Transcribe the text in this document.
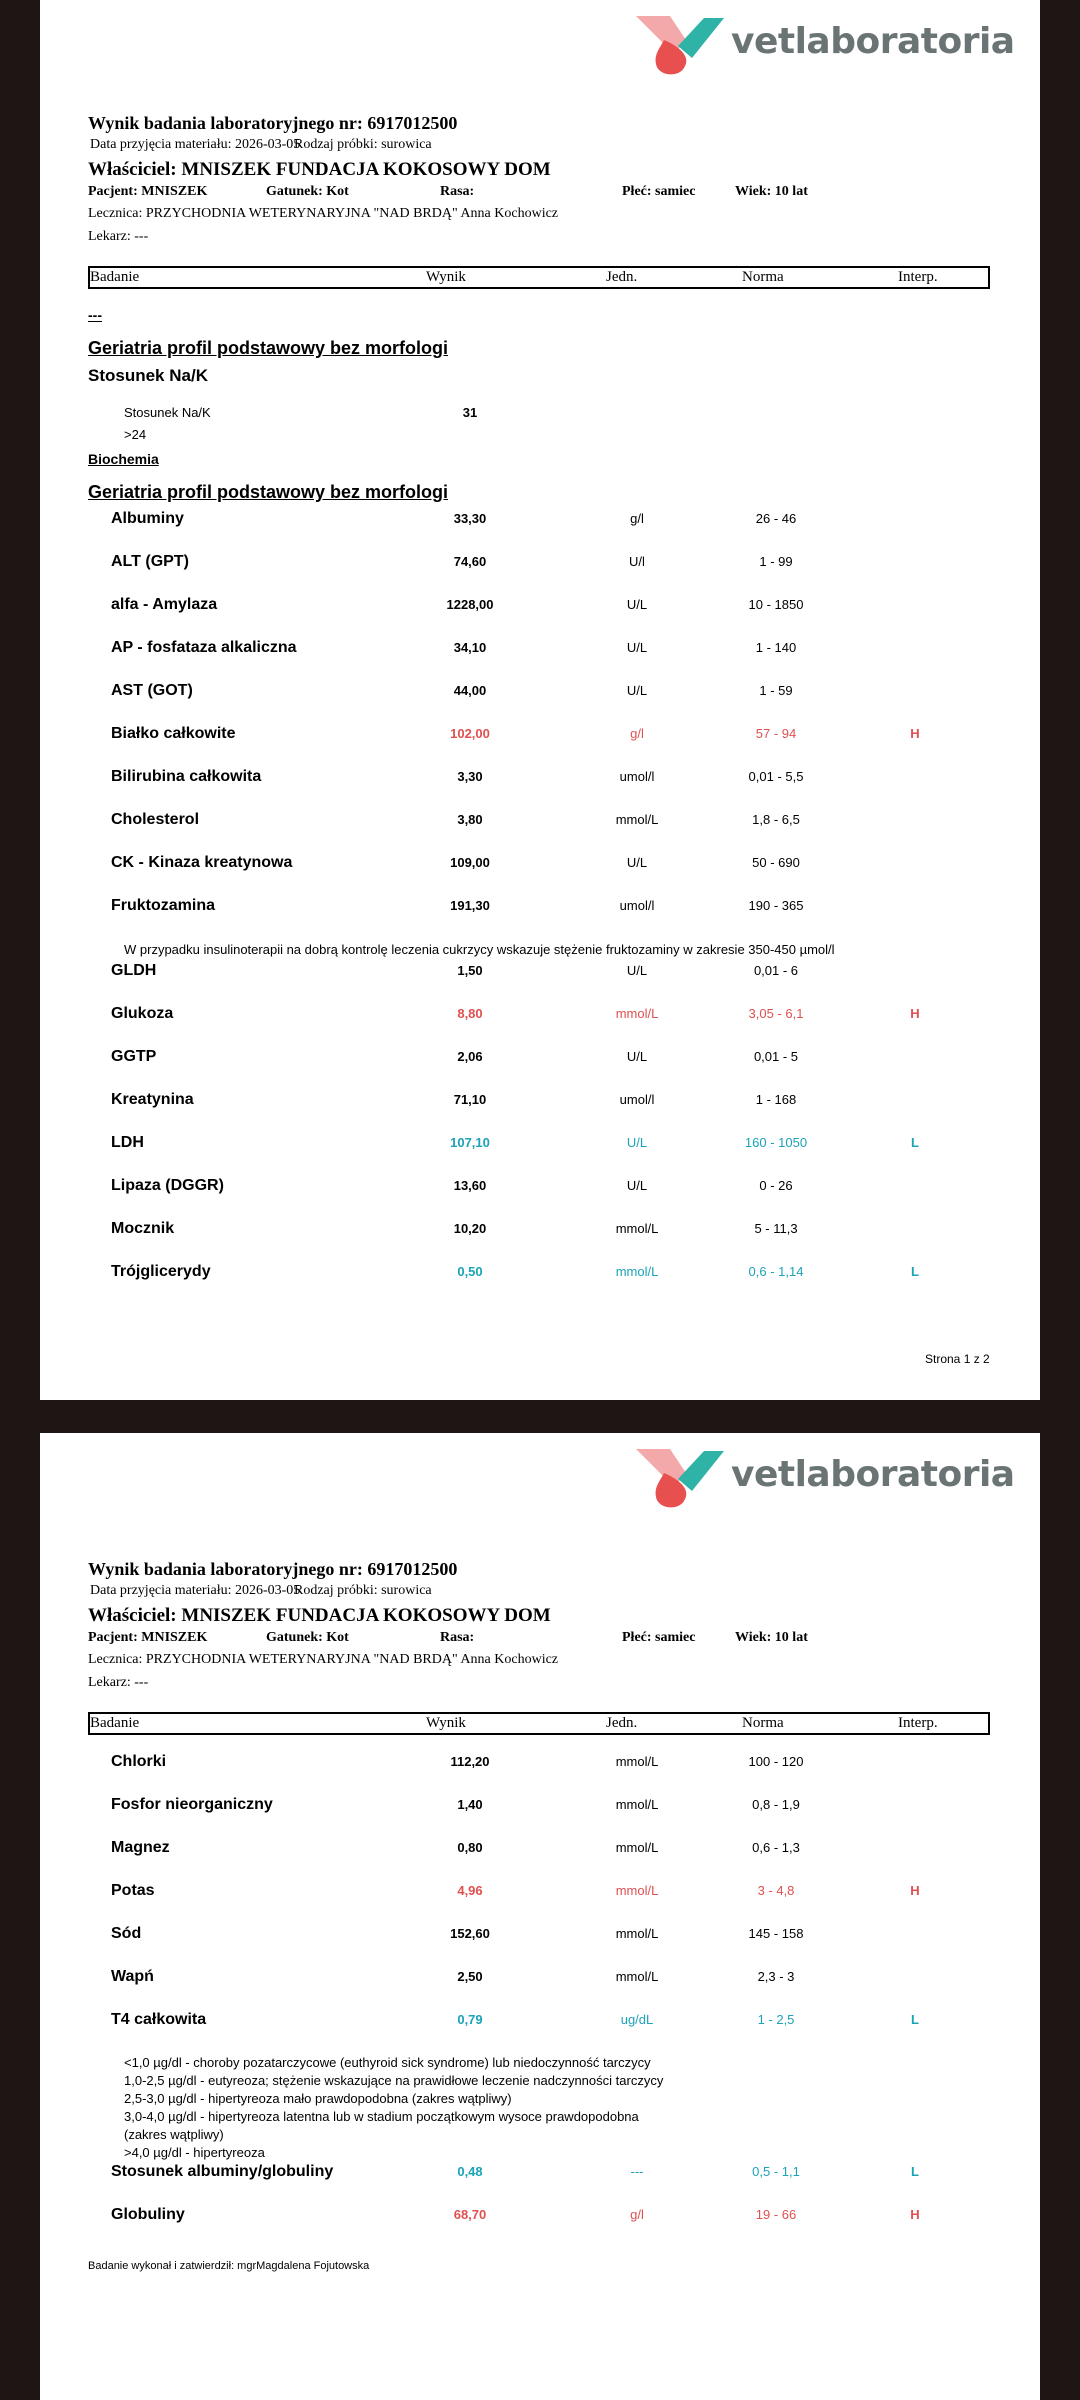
vetlaboratoria
Wynik badania laboratoryjnego nr: 6917012500
Data przyjęcia materiału: 2026-03-05
Rodzaj próbki: surowica
Właściciel: MNISZEK FUNDACJA KOKOSOWY DOM
Pacjent: MNISZEK	Gatunek: Kot	Rasa:	Płeć: samiec	Wiek: 10 lat
Lecznica: PRZYCHODNIA WETERYNARYJNA "NAD BRDĄ" Anna Kochowicz
Lekarz: ---
Badanie	Wynik	Jedn.	Norma	Interp.
---
Geriatria profil podstawowy bez morfologi
Stosunek Na/K
Stosunek Na/K	31
>24
Biochemia
Geriatria profil podstawowy bez morfologi
Albuminy	33,30	g/l	26 - 46
ALT (GPT)	74,60	U/l	1 - 99
alfa - Amylaza	1228,00	U/L	10 - 1850
AP - fosfataza alkaliczna	34,10	U/L	1 - 140
AST (GOT)	44,00	U/L	1 - 59
Białko całkowite	102,00	g/l	57 - 94	H
Bilirubina całkowita	3,30	umol/l	0,01 - 5,5
Cholesterol	3,80	mmol/L	1,8 - 6,5
CK - Kinaza kreatynowa	109,00	U/L	50 - 690
Fruktozamina	191,30	umol/l	190 - 365
GLDH	1,50	U/L	0,01 - 6
Glukoza	8,80	mmol/L	3,05 - 6,1	H
GGTP	2,06	U/L	0,01 - 5
Kreatynina	71,10	umol/l	1 - 168
LDH	107,10	U/L	160 - 1050	L
Lipaza (DGGR)	13,60	U/L	0 - 26
Mocznik	10,20	mmol/L	5 - 11,3
Trójglicerydy	0,50	mmol/L	0,6 - 1,14	L
W przypadku insulinoterapii na dobrą kontrolę leczenia cukrzycy wskazuje stężenie fruktozaminy w zakresie 350-450 µmol/l
Strona 1 z 2
vetlaboratoria
Wynik badania laboratoryjnego nr: 6917012500
Data przyjęcia materiału: 2026-03-05
Rodzaj próbki: surowica
Właściciel: MNISZEK FUNDACJA KOKOSOWY DOM
Pacjent: MNISZEK	Gatunek: Kot	Rasa:	Płeć: samiec	Wiek: 10 lat
Lecznica: PRZYCHODNIA WETERYNARYJNA "NAD BRDĄ" Anna Kochowicz
Lekarz: ---
Badanie	Wynik	Jedn.	Norma	Interp.
Chlorki	112,20	mmol/L	100 - 120
Fosfor nieorganiczny	1,40	mmol/L	0,8 - 1,9
Magnez	0,80	mmol/L	0,6 - 1,3
Potas	4,96	mmol/L	3 - 4,8	H
Sód	152,60	mmol/L	145 - 158
Wapń	2,50	mmol/L	2,3 - 3
T4 całkowita	0,79	ug/dL	1 - 2,5	L
Stosunek albuminy/globuliny	0,48	---	0,5 - 1,1	L
Globuliny	68,70	g/l	19 - 66	H
<1,0 µg/dl - choroby pozatarczycowe (euthyroid sick syndrome) lub niedoczynność tarczycy
1,0-2,5 µg/dl - eutyreoza; stężenie wskazujące na prawidłowe leczenie nadczynności tarczycy
2,5-3,0 µg/dl - hipertyreoza mało prawdopodobna (zakres wątpliwy)
3,0-4,0 µg/dl - hipertyreoza latentna lub w stadium początkowym wysoce prawdopodobna
(zakres wątpliwy)
>4,0 µg/dl - hipertyreoza
Badanie wykonał i zatwierdził: mgrMagdalena Fojutowska
